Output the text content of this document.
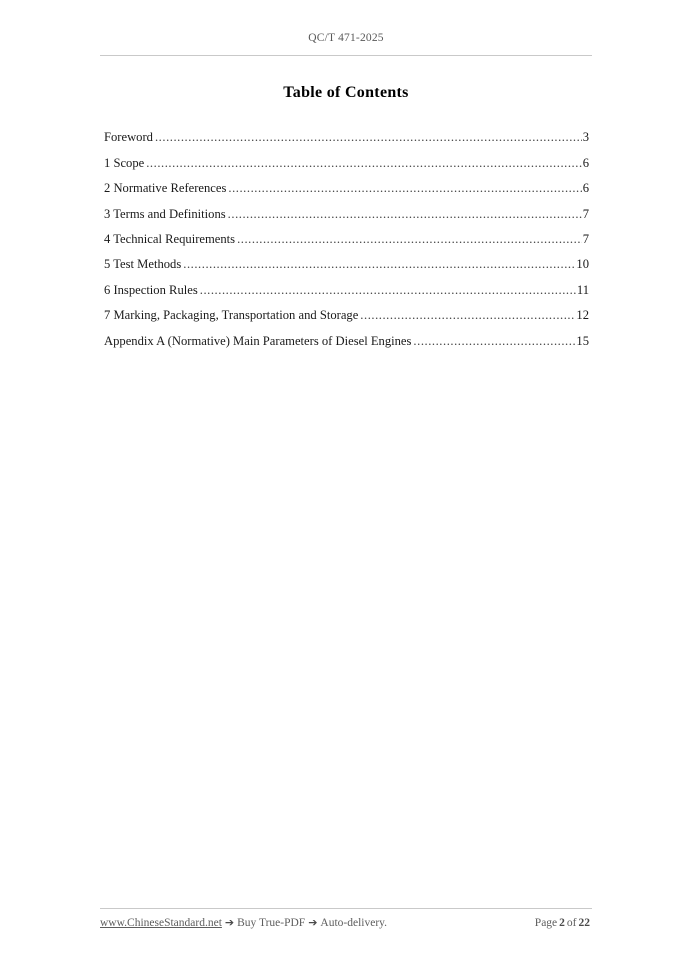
QC/T 471-2025
Table of Contents
Foreword .....	3
1 Scope .....	6
2 Normative References .....	6
3 Terms and Definitions .....	7
4 Technical Requirements .....	7
5 Test Methods .....	10
6 Inspection Rules .....	11
7 Marking, Packaging, Transportation and Storage .....	12
Appendix A (Normative) Main Parameters of Diesel Engines .....	15
www.ChineseStandard.net ➔ Buy True-PDF ➔ Auto-delivery.	Page 2 of 22
